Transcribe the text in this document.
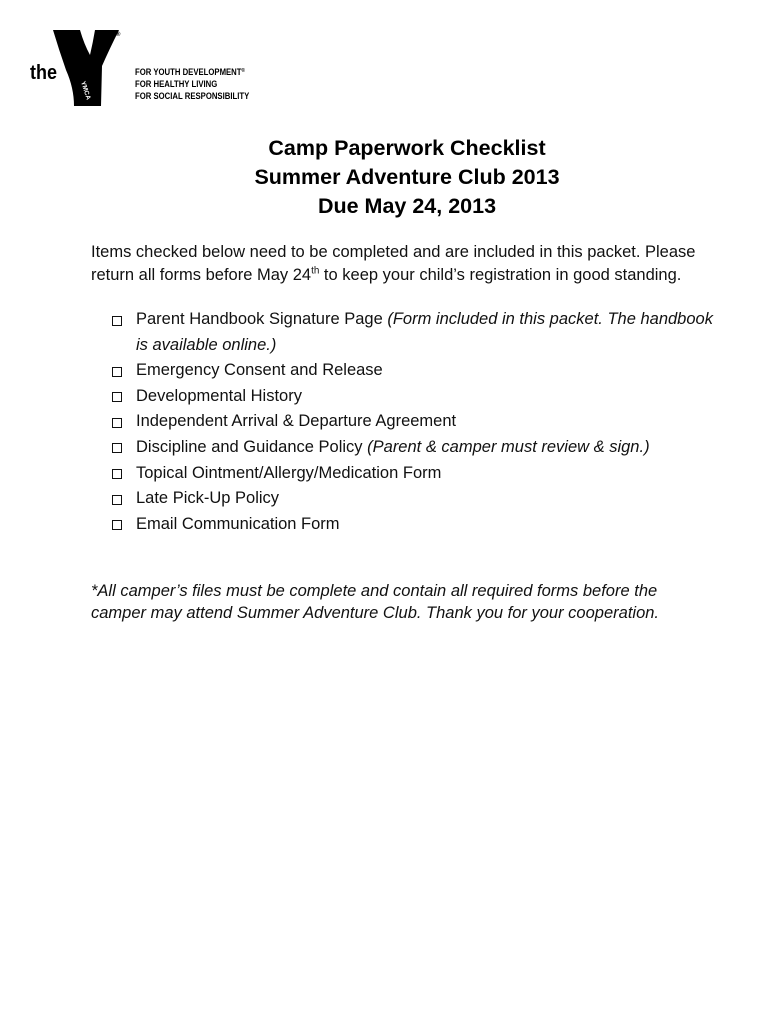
the
YMCA
®
FOR YOUTH DEVELOPMENT®
FOR HEALTHY LIVING
FOR SOCIAL RESPONSIBILITY
Camp Paperwork Checklist
Summer Adventure Club 2013
Due May 24, 2013
Items checked below need to be completed and are included in this packet. Please
return all forms before May 24th to keep your child’s registration in good standing.
Parent Handbook Signature Page (Form included in this packet. The handbook
is available online.)
Emergency Consent and Release
Developmental History
Independent Arrival & Departure Agreement
Discipline and Guidance Policy (Parent & camper must review & sign.)
Topical Ointment/Allergy/Medication Form
Late Pick-Up Policy
Email Communication Form
*All camper’s files must be complete and contain all required forms before the
camper may attend Summer Adventure Club. Thank you for your cooperation.
